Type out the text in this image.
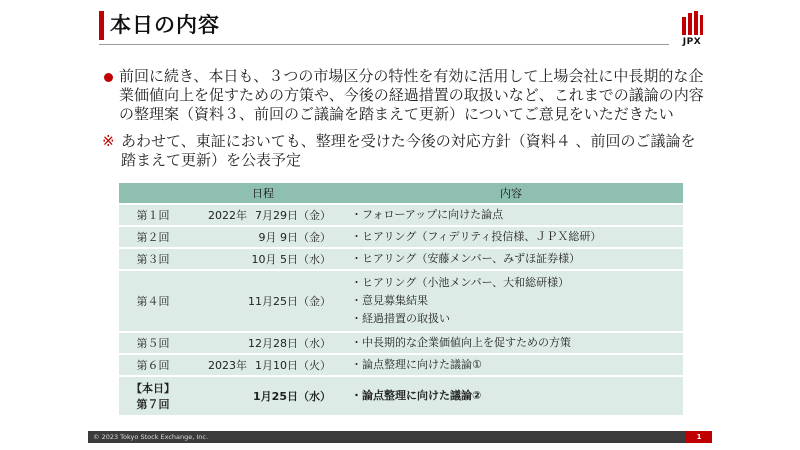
本日の内容
JPX
前回に続き、本日も、３つの市場区分の特性を有効に活用して上場会社に中長期的な企業価値向上を促すための方策や、今後の経過措置の取扱いなど、これまでの議論の内容の整理案（資料３、前回のご議論を踏まえて更新）についてご意見をいただきたい
※ あわせて、東証においても、整理を受けた今後の対応方針（資料４ 、前回のご議論を踏まえて更新）を公表予定
	日程	内容
第１回	2022年 7月29日（金）	・ フォローアップに向けた論点

第２回	9月 9日（金）	・ ヒアリング（フィデリティ投信様、ＪＰＸ総研）

第３回	10月 5日（水）	・ ヒアリング（安藤メンバー、みずほ証券様）

第４回	11月25日（金）	・ ヒアリング（小池メンバー、大和総研様）
・ 意見募集結果
・ 経過措置の取扱い

第５回	12月28日（水）	・ 中長期的な企業価値向上を促すための方策

第６回	2023年 1月10日（火）	・ 論点整理に向けた議論①

【本日】
第７回	1月25日（水）	・ 論点整理に向けた議論②
© 2023 Tokyo Stock Exchange, Inc.	1
